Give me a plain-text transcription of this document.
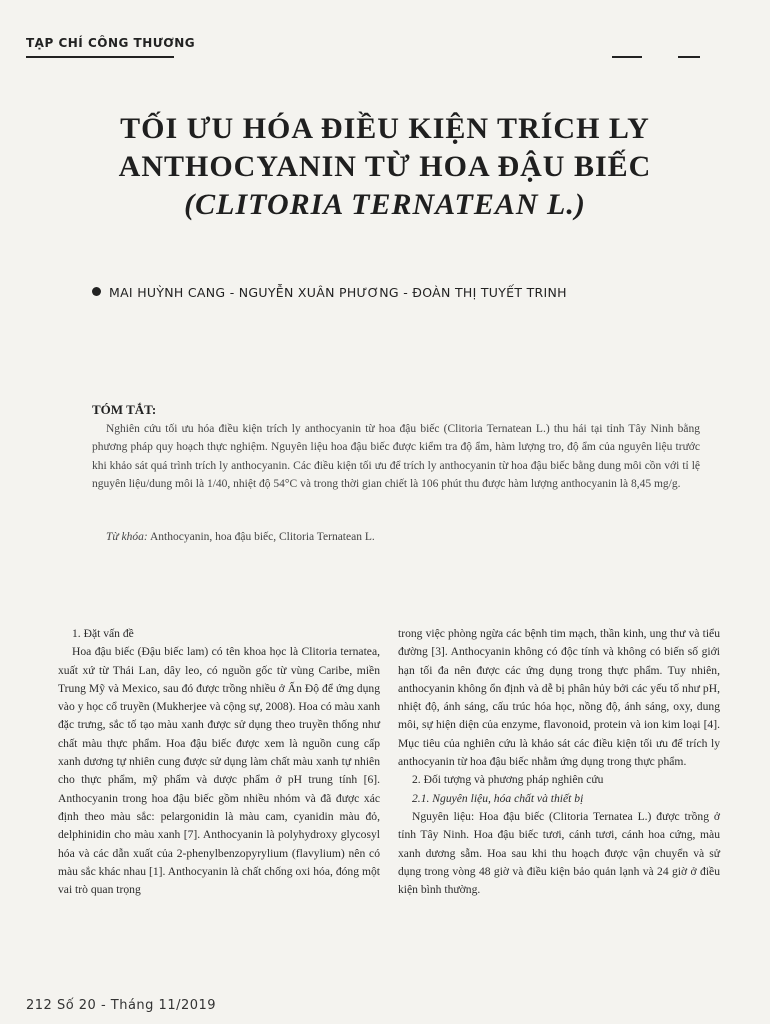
TẠP CHÍ CÔNG THƯƠNG
TỐI ƯU HÓA ĐIỀU KIỆN TRÍCH LY
ANTHOCYANIN TỪ HOA ĐẬU BIẾC
(CLITORIA TERNATEAN L.)
MAI HUỲNH CANG - NGUYỄN XUÂN PHƯƠNG - ĐOÀN THỊ TUYẾT TRINH
TÓM TẮT:
Nghiên cứu tối ưu hóa điều kiện trích ly anthocyanin từ hoa đậu biếc (Clitoria Ternatean L.) thu hái tại tỉnh Tây Ninh bằng phương pháp quy hoạch thực nghiệm. Nguyên liệu hoa đậu biếc được kiểm tra độ ẩm, hàm lượng tro, độ ẩm của nguyên liệu trước khi khảo sát quá trình trích ly anthocyanin. Các điều kiện tối ưu để trích ly anthocyanin từ hoa đậu biếc bằng dung môi cồn với tỉ lệ nguyên liệu/dung môi là 1/40, nhiệt độ 54°C và trong thời gian chiết là 106 phút thu được hàm lượng anthocyanin là 8,45 mg/g.
Từ khóa: Anthocyanin, hoa đậu biếc, Clitoria Ternatean L.

1. Đặt vấn đề

Hoa đậu biếc (Đậu biếc lam) có tên khoa học là Clitoria ternatea, xuất xứ từ Thái Lan, dây leo, có nguồn gốc từ vùng Caribe, miền Trung Mỹ và Mexico, sau đó được trồng nhiều ở Ấn Độ để ứng dụng vào y học cổ truyền (Mukherjee và cộng sự, 2008). Hoa có màu xanh đặc trưng, sắc tố tạo màu xanh được sử dụng theo truyền thống như chất màu thực phẩm. Hoa đậu biếc được xem là nguồn cung cấp xanh dương tự nhiên cung được sử dụng làm chất màu xanh tự nhiên cho thực phẩm, mỹ phẩm và dược phẩm ở pH trung tính [6]. Anthocyanin trong hoa đậu biếc gồm nhiều nhóm và đã được xác định theo màu sắc: pelargonidin là màu cam, cyanidin màu đỏ, delphinidin cho màu xanh [7]. Anthocyanin là polyhydroxy glycosyl hóa và các dẫn xuất của 2-phenylbenzopyrylium (flavylium) nên có màu sắc khác nhau [1]. Anthocyanin là chất chống oxi hóa, đóng một vai trò quan trọng

trong việc phòng ngừa các bệnh tim mạch, thần kinh, ung thư và tiểu đường [3]. Anthocyanin không có độc tính và không có biến số giới hạn tối đa nên được các ứng dụng trong thực phẩm. Tuy nhiên, anthocyanin không ổn định và dễ bị phân hủy bởi các yếu tố như pH, nhiệt độ, ánh sáng, cấu trúc hóa học, nồng độ, ánh sáng, oxy, dung môi, sự hiện diện của enzyme, flavonoid, protein và ion kim loại [4]. Mục tiêu của nghiên cứu là khảo sát các điều kiện tối ưu để trích ly anthocyanin từ hoa đậu biếc nhằm ứng dụng trong thực phẩm.

2. Đối tượng và phương pháp nghiên cứu

2.1. Nguyên liệu, hóa chất và thiết bị

Nguyên liệu: Hoa đậu biếc (Clitoria Ternatea L.) được trồng ở tỉnh Tây Ninh. Hoa đậu biếc tươi, cánh tươi, cánh hoa cứng, màu xanh dương sẫm. Hoa sau khi thu hoạch được vận chuyển và sử dụng trong vòng 48 giờ và điều kiện bảo quản lạnh và 24 giờ ở điều kiện bình thường.

212 Số 20 - Tháng 11/2019
